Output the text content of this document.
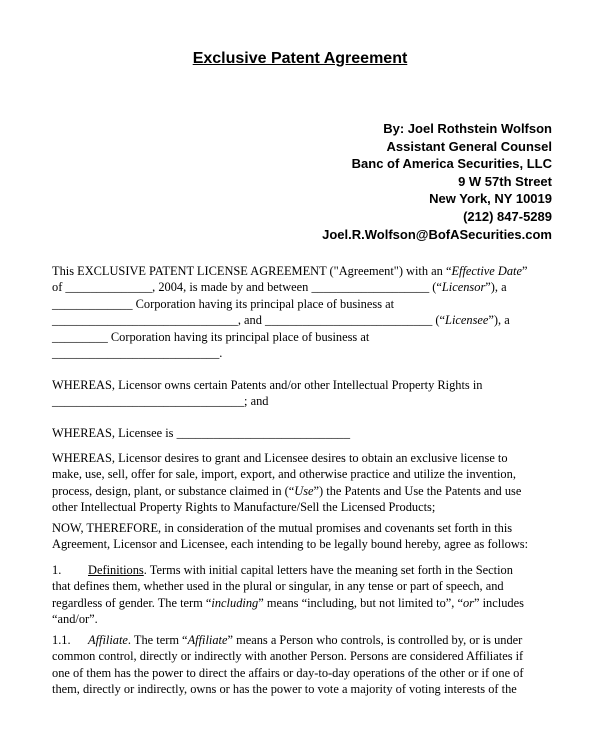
Exclusive Patent Agreement
By: Joel Rothstein Wolfson
Assistant General Counsel
Banc of America Securities, LLC
9 W 57th Street
New York, NY 10019
(212) 847-5289
Joel.R.Wolfson@BofASecurities.com
This EXCLUSIVE PATENT LICENSE AGREEMENT ("Agreement") with an “Effective Date”
of ______________, 2004, is made by and between ___________________ (“Licensor”), a
_____________ Corporation having its principal place of business at
______________________________, and ___________________________ (“Licensee”), a
_________ Corporation having its principal place of business at
___________________________.
WHEREAS, Licensor owns certain Patents and/or other Intellectual Property Rights in
_______________________________; and
WHEREAS, Licensee is ____________________________
WHEREAS, Licensor desires to grant and Licensee desires to obtain an exclusive license to
make, use, sell, offer for sale, import, export, and otherwise practice and utilize the invention,
process, design, plant, or substance claimed in (“Use”) the Patents and Use the Patents and use
other Intellectual Property Rights to Manufacture/Sell the Licensed Products;
NOW, THEREFORE, in consideration of the mutual promises and covenants set forth in this
Agreement, Licensor and Licensee, each intending to be legally bound hereby, agree as follows:
1. Definitions. Terms with initial capital letters have the meaning set forth in the Section
that defines them, whether used in the plural or singular, in any tense or part of speech, and
regardless of gender. The term “including” means “including, but not limited to”, “or” includes
“and/or”.
1.1. Affiliate. The term “Affiliate” means a Person who controls, is controlled by, or is under
common control, directly or indirectly with another Person. Persons are considered Affiliates if
one of them has the power to direct the affairs or day-to-day operations of the other or if one of
them, directly or indirectly, owns or has the power to vote a majority of voting interests of the
